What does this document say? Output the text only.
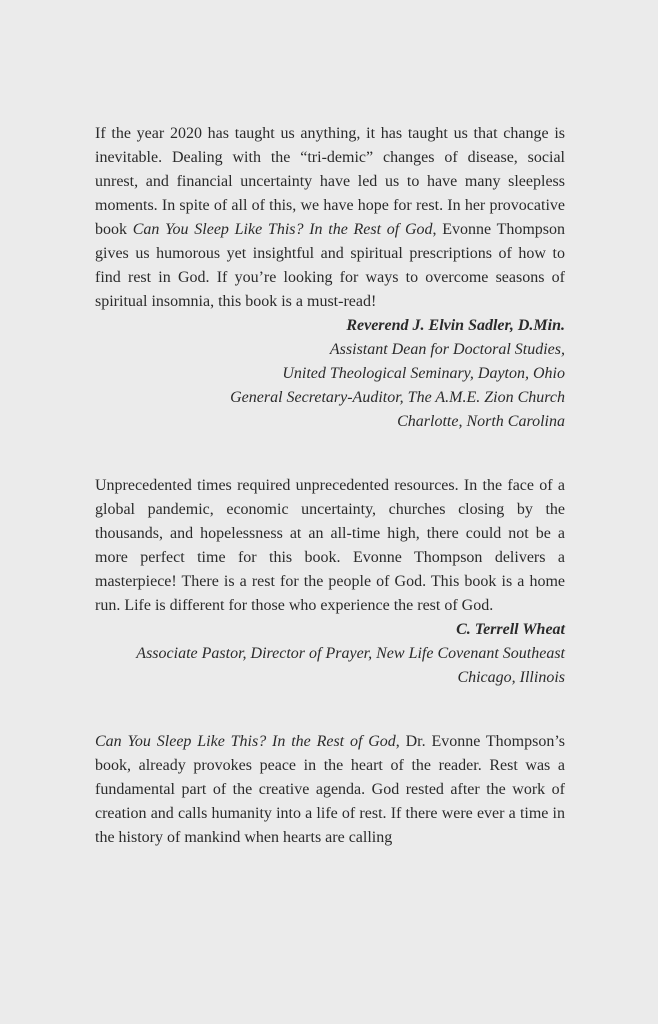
If the year 2020 has taught us anything, it has taught us that change is inevitable. Dealing with the “tri-demic” changes of disease, social unrest, and financial uncertainty have led us to have many sleepless moments. In spite of all of this, we have hope for rest. In her provocative book Can You Sleep Like This? In the Rest of God, Evonne Thompson gives us humorous yet insightful and spiritual prescriptions of how to find rest in God. If you’re looking for ways to overcome seasons of spiritual insomnia, this book is a must-read!

Reverend J. Elvin Sadler, D.Min.
Assistant Dean for Doctoral Studies,
United Theological Seminary, Dayton, Ohio
General Secretary-Auditor, The A.M.E. Zion Church
Charlotte, North Carolina

Unprecedented times required unprecedented resources. In the face of a global pandemic, economic uncertainty, churches closing by the thousands, and hopelessness at an all-time high, there could not be a more perfect time for this book. Evonne Thompson delivers a masterpiece! There is a rest for the people of God. This book is a home run. Life is different for those who experience the rest of God.

C. Terrell Wheat
Associate Pastor, Director of Prayer, New Life Covenant Southeast
Chicago, Illinois

Can You Sleep Like This? In the Rest of God, Dr. Evonne Thompson’s book, already provokes peace in the heart of the reader. Rest was a fundamental part of the creative agenda. God rested after the work of creation and calls humanity into a life of rest. If there were ever a time in the history of mankind when hearts are calling
